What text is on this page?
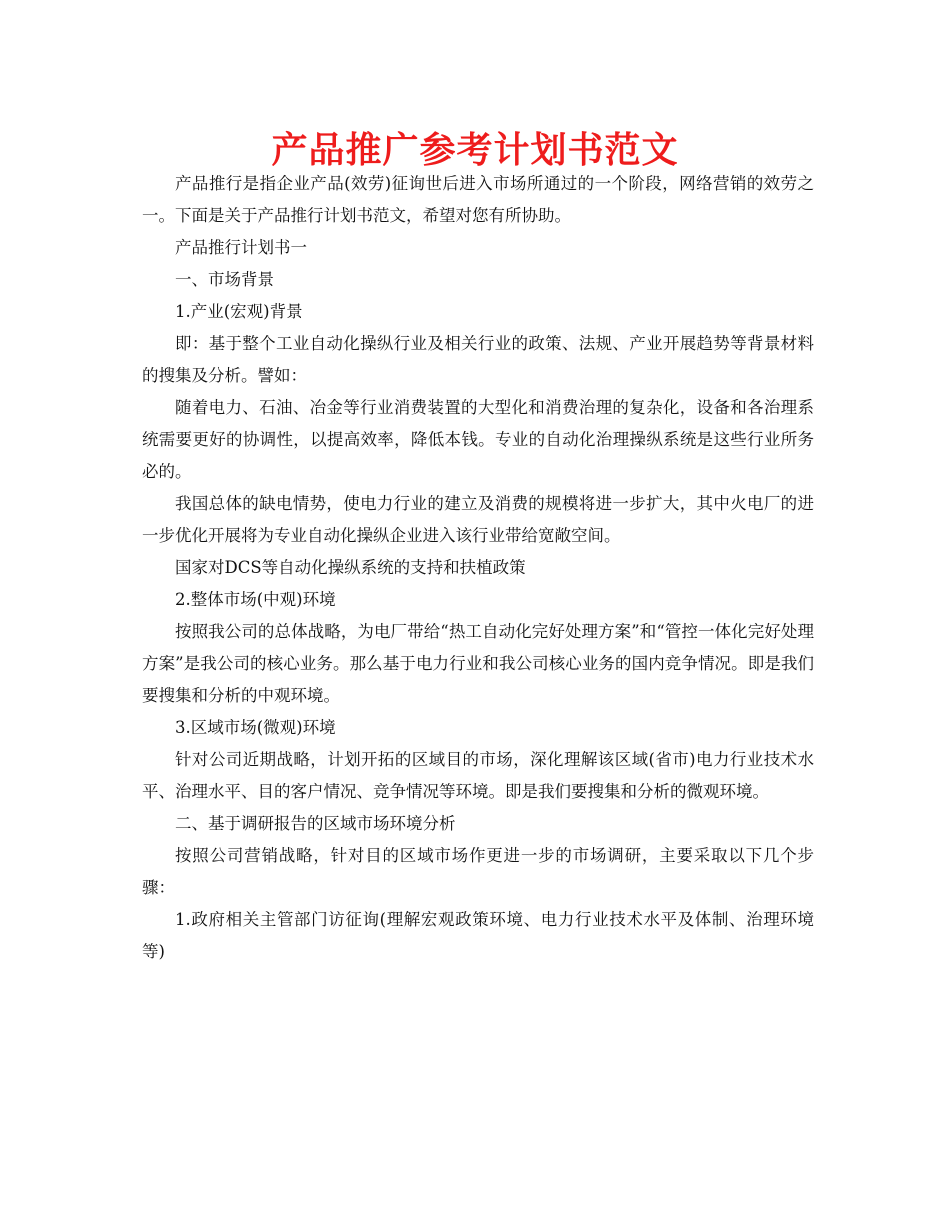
产品推广参考计划书范文

产品推行是指企业产品(效劳)征询世后进入市场所通过的一个阶段，网络营销的效劳之一。下面是关于产品推行计划书范文，希望对您有所协助。

产品推行计划书一

一、市场背景

1.产业(宏观)背景

即：基于整个工业自动化操纵行业及相关行业的政策、法规、产业开展趋势等背景材料的搜集及分析。譬如：

随着电力、石油、冶金等行业消费装置的大型化和消费治理的复杂化，设备和各治理系统需要更好的协调性，以提高效率，降低本钱。专业的自动化治理操纵系统是这些行业所务必的。

我国总体的缺电情势，使电力行业的建立及消费的规模将进一步扩大，其中火电厂的进一步优化开展将为专业自动化操纵企业进入该行业带给宽敞空间。

国家对DCS等自动化操纵系统的支持和扶植政策

2.整体市场(中观)环境

按照我公司的总体战略，为电厂带给“热工自动化完好处理方案”和“管控一体化完好处理方案”是我公司的核心业务。那么基于电力行业和我公司核心业务的国内竞争情况。即是我们要搜集和分析的中观环境。

3.区域市场(微观)环境

针对公司近期战略，计划开拓的区域目的市场，深化理解该区域(省市)电力行业技术水平、治理水平、目的客户情况、竞争情况等环境。即是我们要搜集和分析的微观环境。

二、基于调研报告的区域市场环境分析

按照公司营销战略，针对目的区域市场作更进一步的市场调研，主要采取以下几个步骤：

1.政府相关主管部门访征询(理解宏观政策环境、电力行业技术水平及体制、治理环境等)
